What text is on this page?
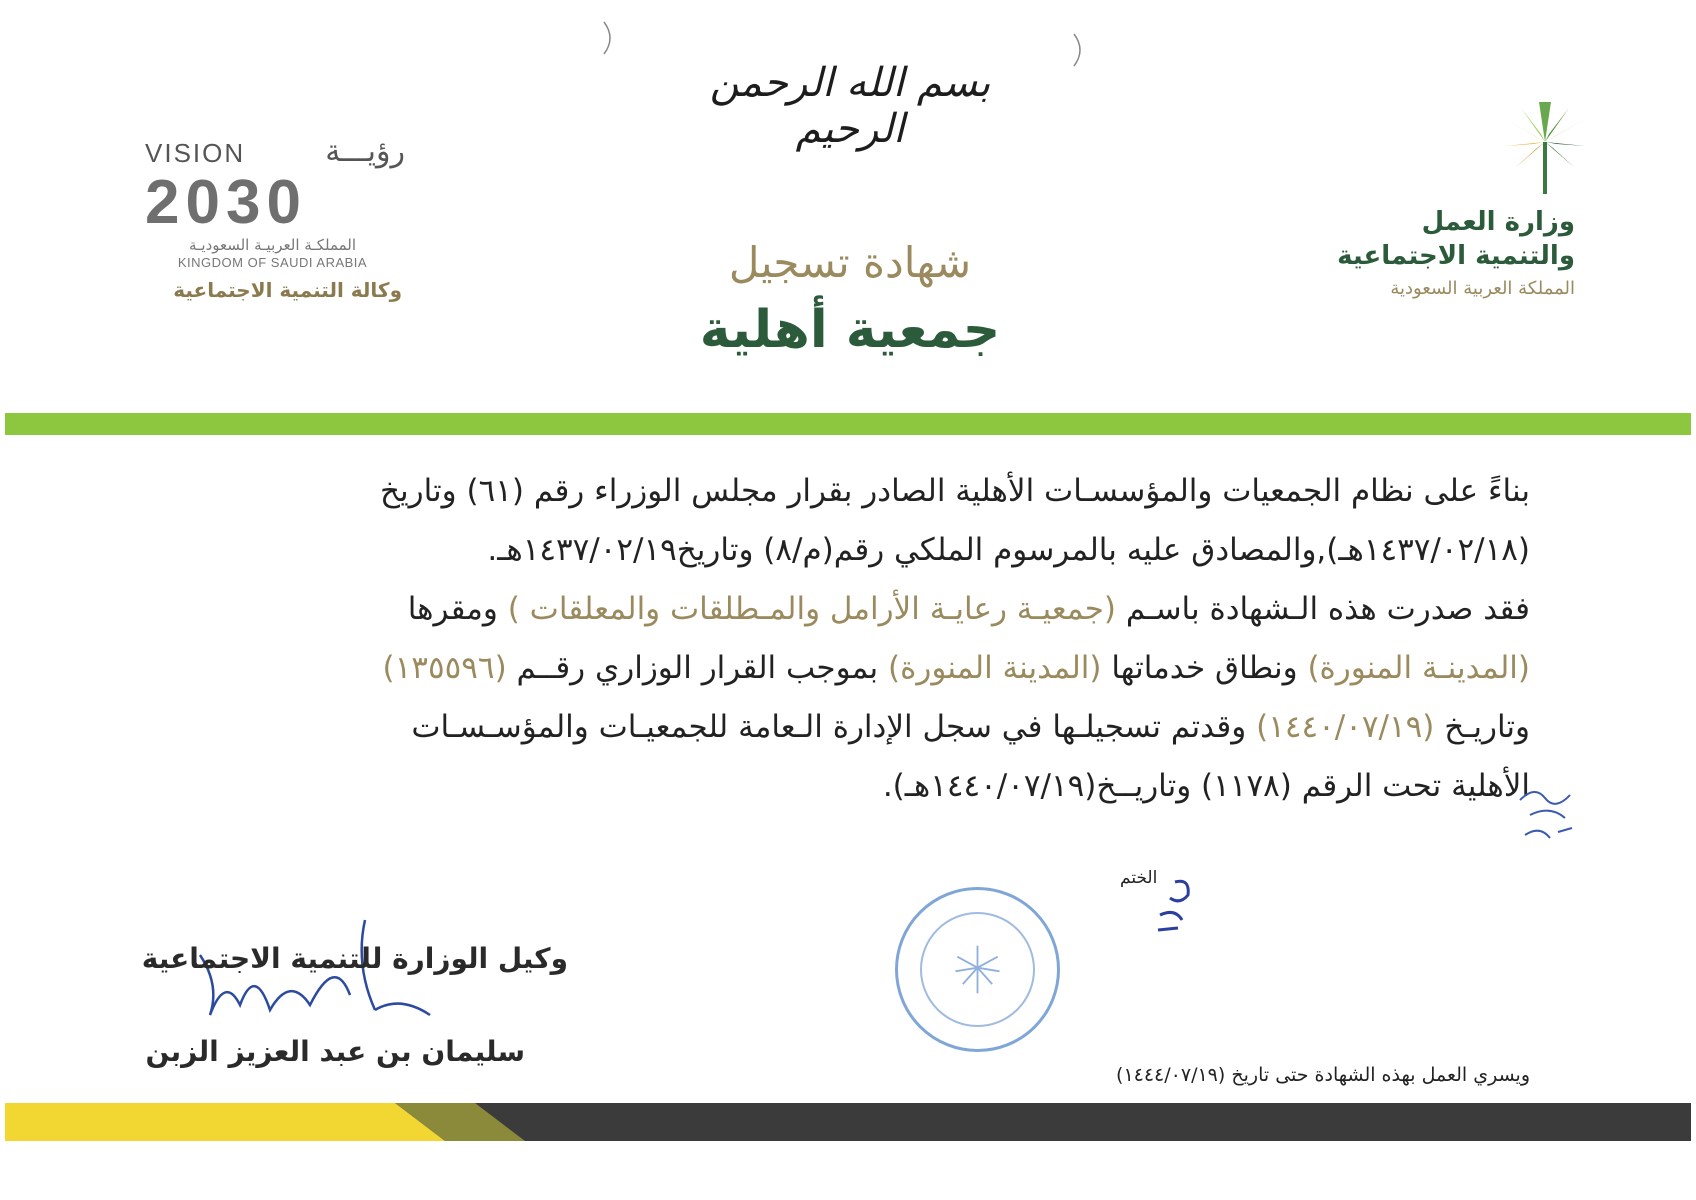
بسم الله الرحمن الرحيم
وزارة العمل
والتنمية الاجتماعية
المملكة العربية السعودية
VISION	رؤيـــة
2030
المملكـة العربيـة السعوديـة
KINGDOM OF SAUDI ARABIA
وكالة التنمية الاجتماعية
شهادة تسجيل
جمعية أهلية

بناءً على نظام الجمعيات والمؤسسـات الأهلية الصادر بقرار مجلس الوزراء رقم (٦١) وتاريخ

(١٤٣٧/٠٢/١٨هـ),والمصادق عليه بالمرسوم الملكي رقم(م/٨) وتاريخ١٤٣٧/٠٢/١٩هـ.

فقد صدرت هذه الـشهادة باسـم (جمعيـة رعايـة الأرامل والمـطلقات والمعلقات ) ومقرها

(المدينـة المنورة) ونطاق خدماتها (المدينة المنورة) بموجب القرار الوزاري رقــم (١٣٥٥٩٦)

وتاريـخ (١٤٤٠/٠٧/١٩) وقدتم تسجيلـها في سجل الإدارة الـعامة للجمعيـات والمؤسـسـات

الأهلية تحت الرقم (١١٧٨) وتاريــخ(١٤٤٠/٠٧/١٩هـ).

الختم
وكيل الوزارة للتنمية الاجتماعية
سليمان بن عبد العزيز الزبن
ويسري العمل بهذه الشهادة حتى تاريخ (١٤٤٤/٠٧/١٩)
